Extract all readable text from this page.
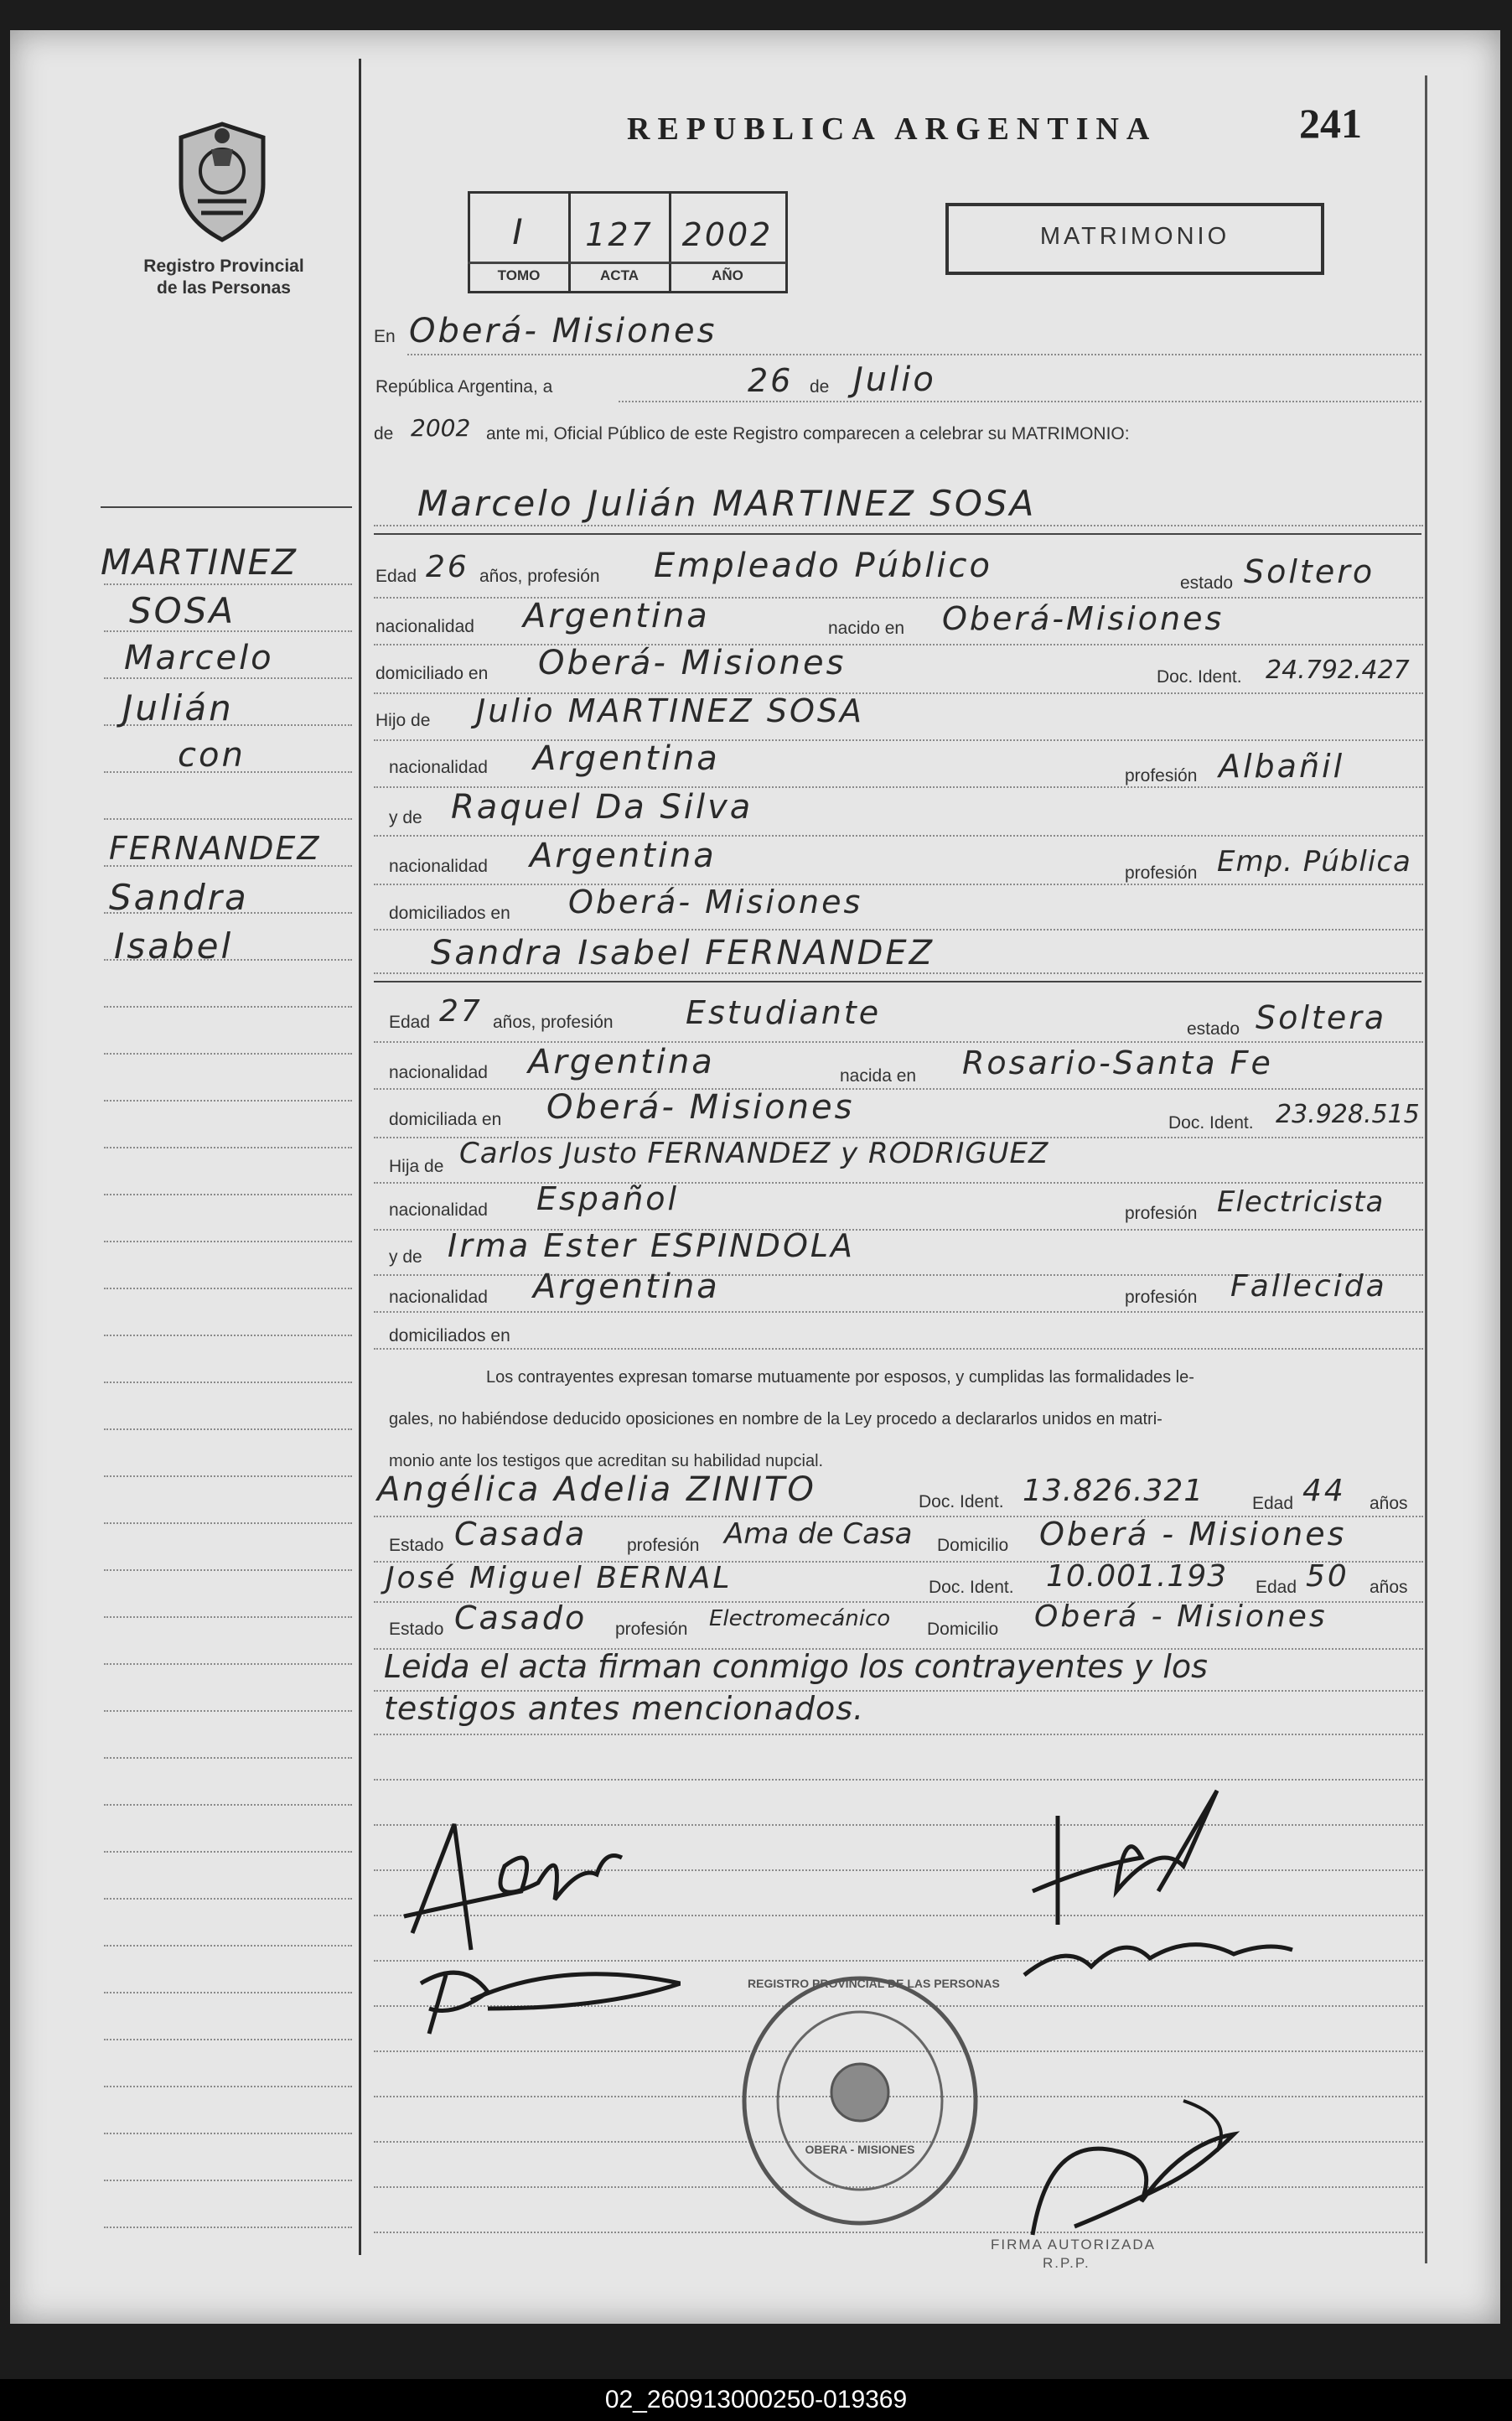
Registro Provincial
de las Personas
REPUBLICA ARGENTINA	241
I	127 2002
TOMO	ACTA	AÑO
MATRIMONIO
En Oberá- Misiones
República Argentina, a	26 de Julio
de 2002 ante mi, Oficial Público de este Registro comparecen a celebrar su MATRIMONIO:
Marcelo Julián MARTINEZ SOSA
Edad 26 años, profesión Empleado Público	estado Soltero
nacionalidad Argentina	nacido en Oberá-Misiones
domiciliado en Oberá- Misiones	Doc. Ident. 24.792.427
Hijo de Julio MARTINEZ SOSA
nacionalidad Argentina	profesión Albañil
y de Raquel Da Silva
nacionalidad Argentina	profesión Emp. Pública
domiciliados en Oberá- Misiones
Sandra Isabel FERNANDEZ
Edad 27 años, profesión Estudiante	estado Soltera
nacionalidad Argentina	nacida en Rosario-Santa Fe
domiciliada en Oberá- Misiones	Doc. Ident. 23.928.515
Hija de Carlos Justo FERNANDEZ y RODRIGUEZ
nacionalidad Español	profesión Electricista
y de Irma Ester ESPINDOLA
nacionalidad Argentina	profesión Fallecida
domiciliados en
Los contrayentes expresan tomarse mutuamente por esposos, y cumplidas las formalidades le-
gales, no habiéndose deducido oposiciones en nombre de la Ley procedo a declararlos unidos en matri-
monio ante los testigos que acreditan su habilidad nupcial.
Angélica Adelia ZINITO	Doc. Ident. 13.826.321	Edad 44 años
Estado Casada profesión Ama de Casa Domicilio Oberá - Misiones
José Miguel BERNAL	Doc. Ident. 10.001.193 Edad 50 años
Estado Casado profesión Electromecánico Domicilio Oberá - Misiones
Leida el acta firman conmigo los contrayentes y los
testigos antes mencionados.
MARTINEZ
SOSA
Marcelo
Julián
con
FERNANDEZ
Sandra
Isabel
REGISTRO PROVINCIAL DE LAS PERSONAS
OBERA - MISIONES
FIRMA AUTORIZADA
R.P.P.
02_260913000250-019369
